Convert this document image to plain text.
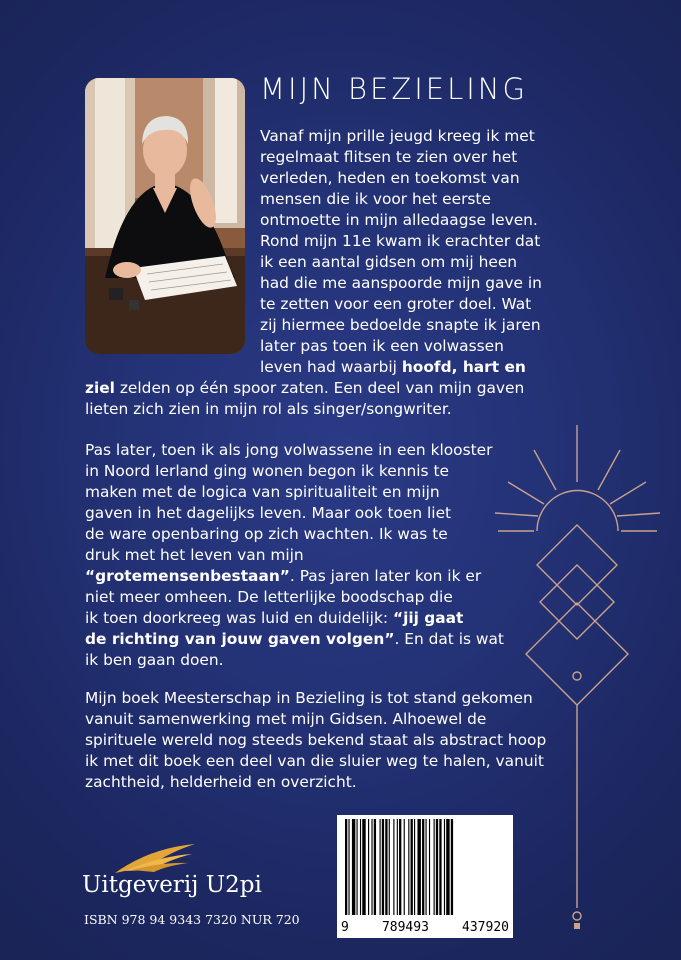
MIJN BEZIELING
Vanaf mijn prille jeugd kreeg ik met
regelmaat flitsen te zien over het
verleden, heden en toekomst van
mensen die ik voor het eerste
ontmoette in mijn alledaagse leven.
Rond mijn 11e kwam ik erachter dat
ik een aantal gidsen om mij heen
had die me aanspoorde mijn gave in
te zetten voor een groter doel. Wat
zij hiermee bedoelde snapte ik jaren
later pas toen ik een volwassen
leven had waarbij hoofd, hart en
ziel zelden op één spoor zaten. Een deel van mijn gaven
lieten zich zien in mijn rol als singer/songwriter.
Pas later, toen ik als jong volwassene in een klooster
in Noord Ierland ging wonen begon ik kennis te
maken met de logica van spiritualiteit en mijn
gaven in het dagelijks leven. Maar ook toen liet
de ware openbaring op zich wachten. Ik was te
druk met het leven van mijn
“grotemensenbestaan”. Pas jaren later kon ik er
niet meer omheen. De letterlijke boodschap die
ik toen doorkreeg was luid en duidelijk: “jij gaat
de richting van jouw gaven volgen”. En dat is wat
ik ben gaan doen.
Mijn boek Meesterschap in Bezieling is tot stand gekomen
vanuit samenwerking met mijn Gidsen. Alhoewel de
spirituele wereld nog steeds bekend staat als abstract hoop
ik met dit boek een deel van die sluier weg te halen, vanuit
zachtheid, helderheid en overzicht.

Uitgeverij U2pi

ISBN 978 94 9343 7320 NUR 720

9	789493	437920
